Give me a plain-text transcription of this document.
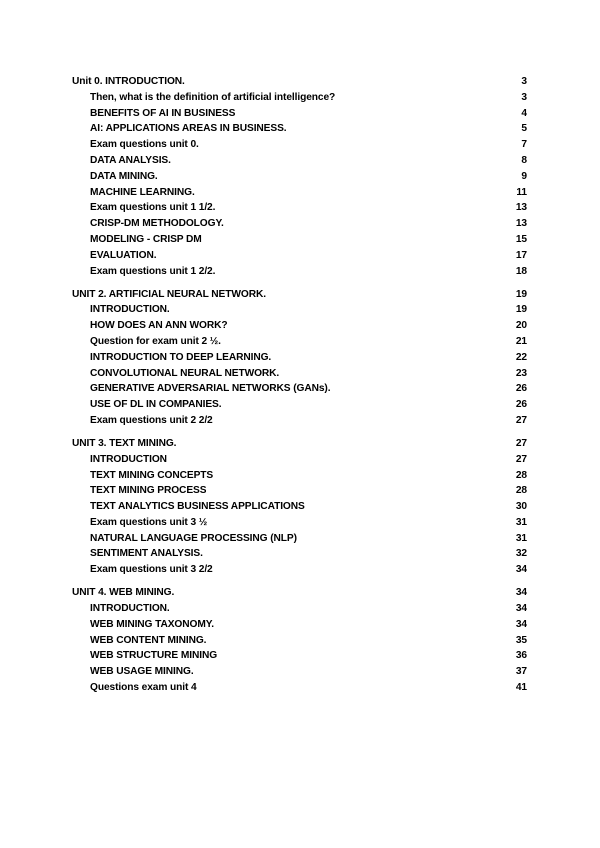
Unit 0. INTRODUCTION.	3
Then, what is the definition of artificial intelligence?	3
BENEFITS OF AI IN BUSINESS	4
AI: APPLICATIONS AREAS IN BUSINESS.	5
Exam questions unit 0.	7
DATA ANALYSIS.	8
DATA MINING.	9
MACHINE LEARNING.	11
Exam questions unit 1 1/2.	13
CRISP-DM METHODOLOGY.	13
MODELING - CRISP DM	15
EVALUATION.	17
Exam questions unit 1 2/2.	18
UNIT 2. ARTIFICIAL NEURAL NETWORK.	19
INTRODUCTION.	19
HOW DOES AN ANN WORK?	20
Question for exam unit 2 ½.	21
INTRODUCTION TO DEEP LEARNING.	22
CONVOLUTIONAL NEURAL NETWORK.	23
GENERATIVE ADVERSARIAL NETWORKS (GANs).	26
USE OF DL IN COMPANIES.	26
Exam questions unit 2 2/2	27
UNIT 3. TEXT MINING.	27
INTRODUCTION	27
TEXT MINING CONCEPTS	28
TEXT MINING PROCESS	28
TEXT ANALYTICS BUSINESS APPLICATIONS	30
Exam questions unit 3 ½	31
NATURAL LANGUAGE PROCESSING (NLP)	31
SENTIMENT ANALYSIS.	32
Exam questions unit 3 2/2	34
UNIT 4. WEB MINING.	34
INTRODUCTION.	34
WEB MINING TAXONOMY.	34
WEB CONTENT MINING.	35
WEB STRUCTURE MINING	36
WEB USAGE MINING.	37
Questions exam unit 4	41
